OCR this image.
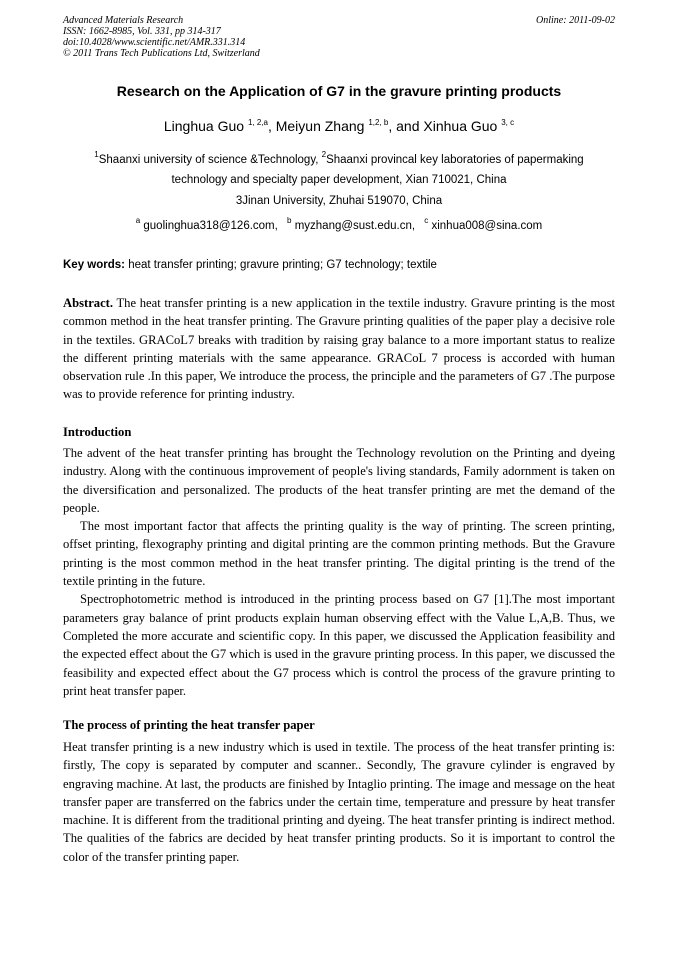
Advanced Materials Research
ISSN: 1662-8985, Vol. 331, pp 314-317
doi:10.4028/www.scientific.net/AMR.331.314
© 2011 Trans Tech Publications Ltd, Switzerland
Online: 2011-09-02
Research on the Application of G7 in the gravure printing products
Linghua Guo $^{1, 2,a}$, Meiyun Zhang $^{1,2, b}$, and Xinhua Guo $^{3, c}$
$^1$Shaanxi university of science &Technology, $^2$Shaanxi provincal key laboratories of papermaking
technology and specialty paper development, Xian 710021, China
3Jinan University, Zhuhai 519070, China
$^a$ guolinghua318@126.com, $^b$ myzhang@sust.edu.cn, $^c$ xinhua008@sina.com
Key words: heat transfer printing; gravure printing; G7 technology; textile

Abstract. The heat transfer printing is a new application in the textile industry. Gravure printing is the most common method in the heat transfer printing. The Gravure printing qualities of the paper play a decisive role in the textiles. GRACoL7 breaks with tradition by raising gray balance to a more important status to realize the different printing materials with the same appearance. GRACoL 7 process is accorded with human observation rule .In this paper, We introduce the process, the principle and the parameters of G7 .The purpose was to provide reference for printing industry.

Introduction

The advent of the heat transfer printing has brought the Technology revolution on the Printing and dyeing industry. Along with the continuous improvement of people's living standards, Family adornment is taken on the diversification and personalized. The products of the heat transfer printing are met the demand of the people.

The most important factor that affects the printing quality is the way of printing. The screen printing, offset printing, flexography printing and digital printing are the common printing methods. But the Gravure printing is the most common method in the heat transfer printing. The digital printing is the trend of the textile printing in the future.

Spectrophotometric method is introduced in the printing process based on G7 [1].The most important parameters gray balance of print products explain human observing effect with the Value L,A,B. Thus, we Completed the more accurate and scientific copy. In this paper, we discussed the Application feasibility and the expected effect about the G7 which is used in the gravure printing process. In this paper, we discussed the feasibility and expected effect about the G7 process which is control the process of the gravure printing to print heat transfer paper.

The process of printing the heat transfer paper

Heat transfer printing is a new industry which is used in textile. The process of the heat transfer printing is: firstly, The copy is separated by computer and scanner.. Secondly, The gravure cylinder is engraved by engraving machine. At last, the products are finished by Intaglio printing. The image and message on the heat transfer paper are transferred on the fabrics under the certain time, temperature and pressure by heat transfer machine. It is different from the traditional printing and dyeing. The heat transfer printing is indirect method. The qualities of the fabrics are decided by heat transfer printing products. So it is important to control the color of the transfer printing paper.
